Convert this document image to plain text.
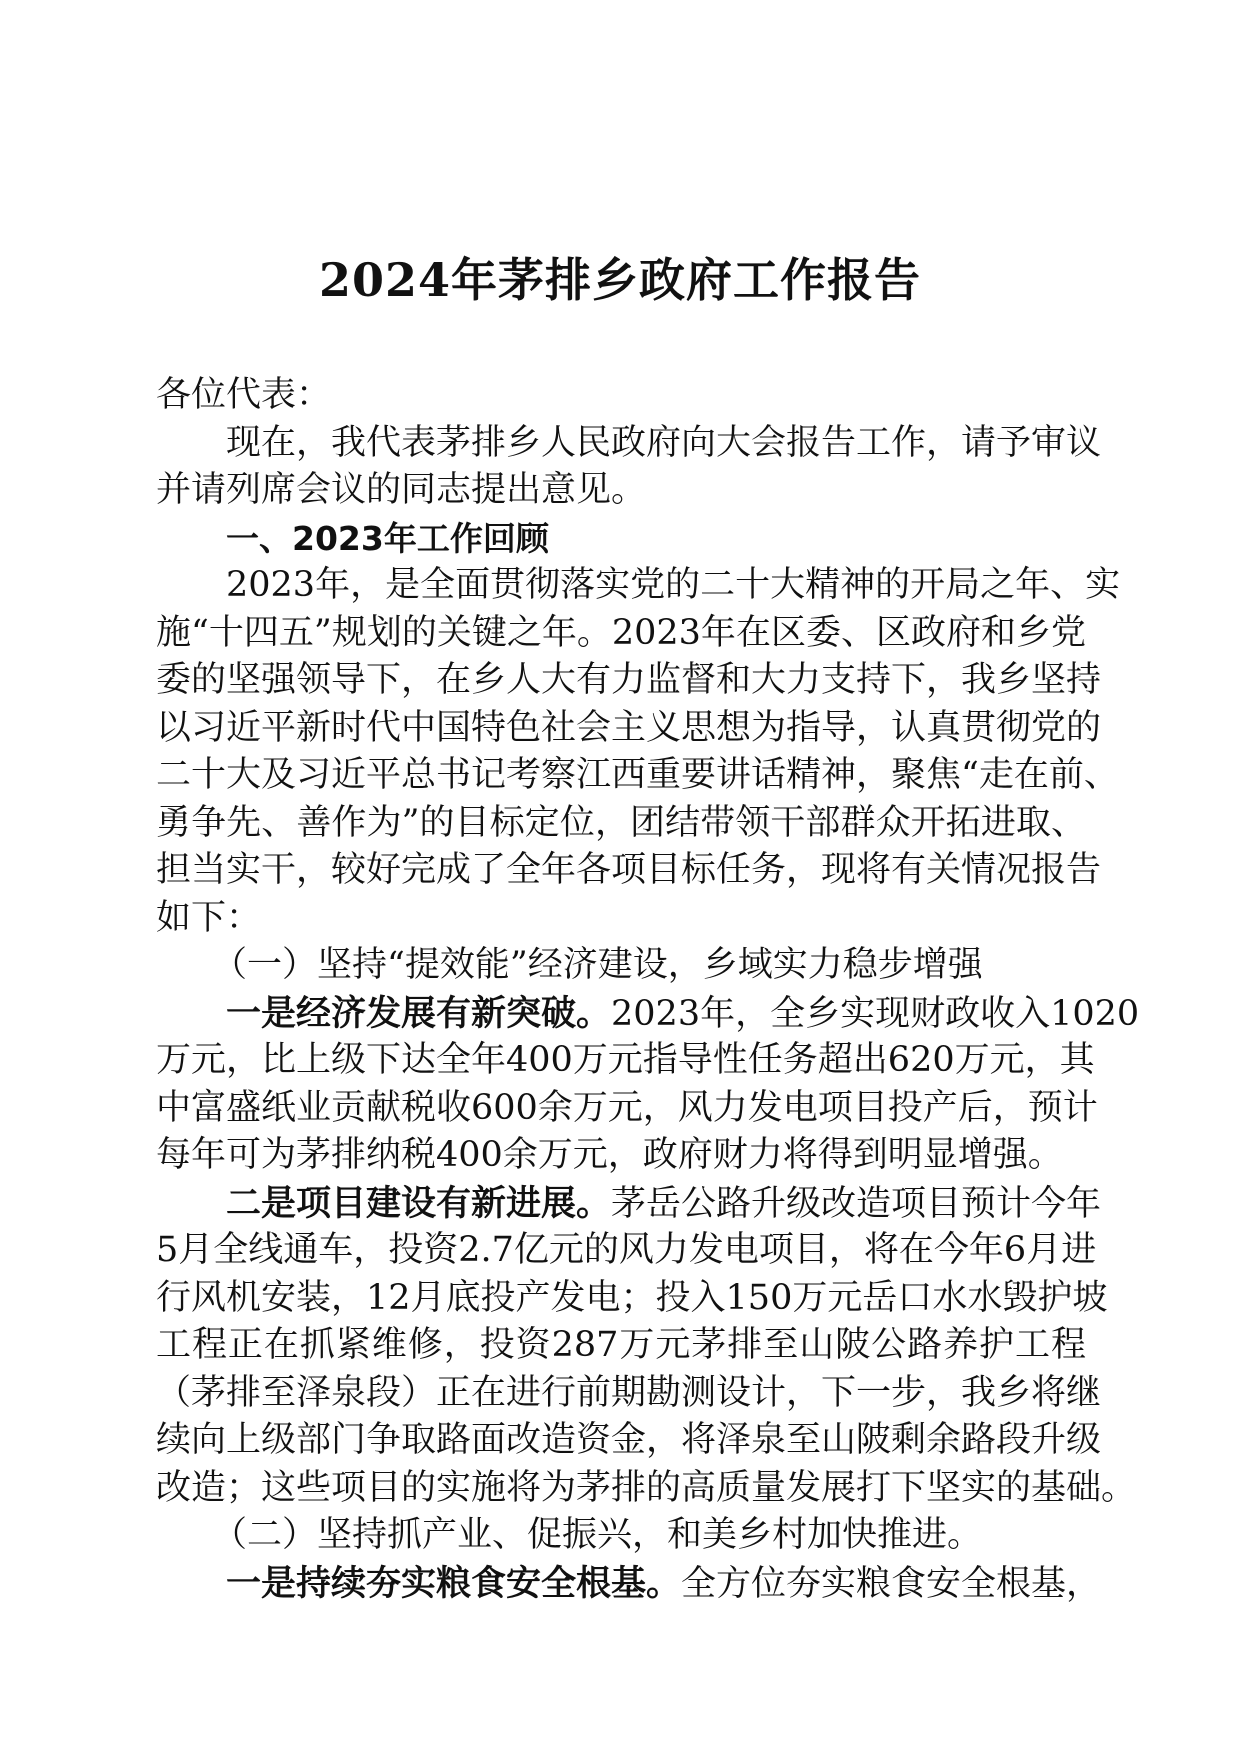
2024年茅排乡政府工作报告
各位代表：
现在，我代表茅排乡人民政府向大会报告工作，请予审议
并请列席会议的同志提出意见。
一、2023年工作回顾
2023年，是全面贯彻落实党的二十大精神的开局之年、实
施“十四五”规划的关键之年。2023年在区委、区政府和乡党
委的坚强领导下，在乡人大有力监督和大力支持下，我乡坚持
以习近平新时代中国特色社会主义思想为指导，认真贯彻党的
二十大及习近平总书记考察江西重要讲话精神，聚焦“走在前、
勇争先、善作为”的目标定位，团结带领干部群众开拓进取、
担当实干，较好完成了全年各项目标任务，现将有关情况报告
如下：
（一）坚持“提效能”经济建设，乡域实力稳步增强
一是经济发展有新突破。2023年，全乡实现财政收入1020
万元，比上级下达全年400万元指导性任务超出620万元，其
中富盛纸业贡献税收600余万元，风力发电项目投产后，预计
每年可为茅排纳税400余万元，政府财力将得到明显增强。
二是项目建设有新进展。茅岳公路升级改造项目预计今年
5月全线通车，投资2.7亿元的风力发电项目，将在今年6月进
行风机安装，12月底投产发电；投入150万元岳口水水毁护坡
工程正在抓紧维修，投资287万元茅排至山陂公路养护工程
（茅排至泽泉段）正在进行前期勘测设计，下一步，我乡将继
续向上级部门争取路面改造资金，将泽泉至山陂剩余路段升级
改造；这些项目的实施将为茅排的高质量发展打下坚实的基础。
（二）坚持抓产业、促振兴，和美乡村加快推进。
一是持续夯实粮食安全根基。全方位夯实粮食安全根基，
